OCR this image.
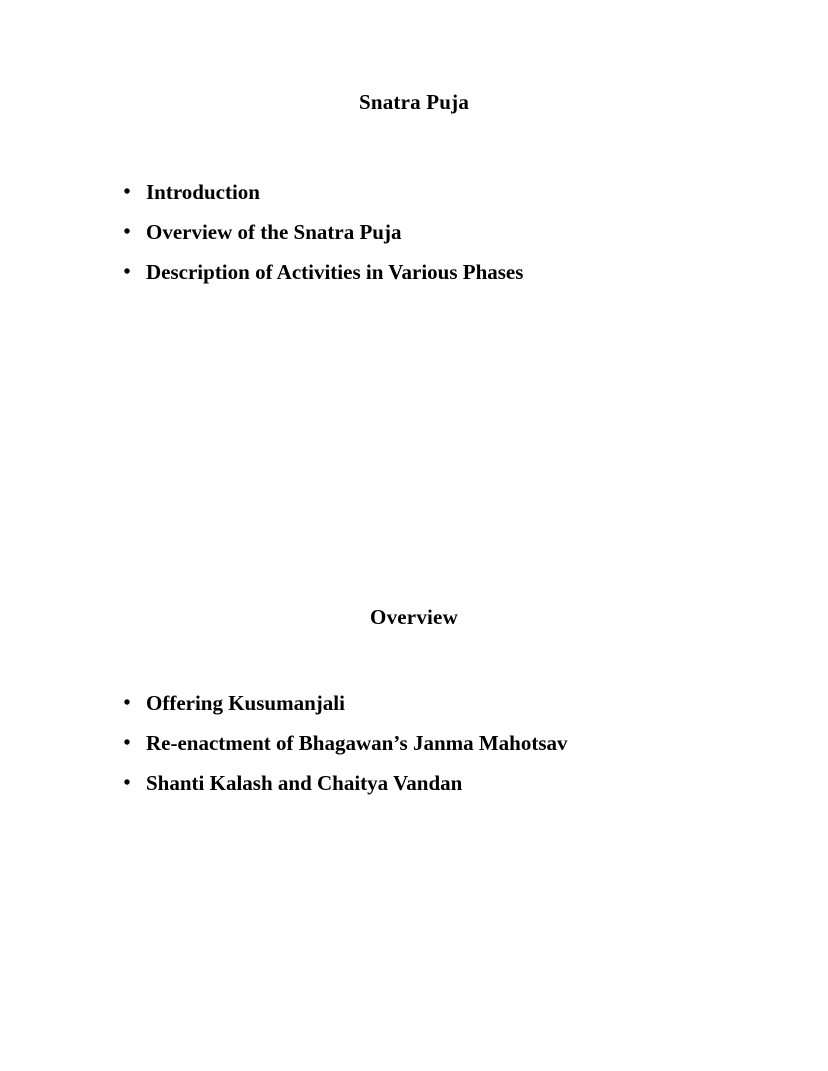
Snatra Puja
• Introduction
• Overview of the Snatra Puja
• Description of Activities in Various Phases
Overview
• Offering Kusumanjali
• Re-enactment of Bhagawan’s Janma Mahotsav
• Shanti Kalash and Chaitya Vandan
